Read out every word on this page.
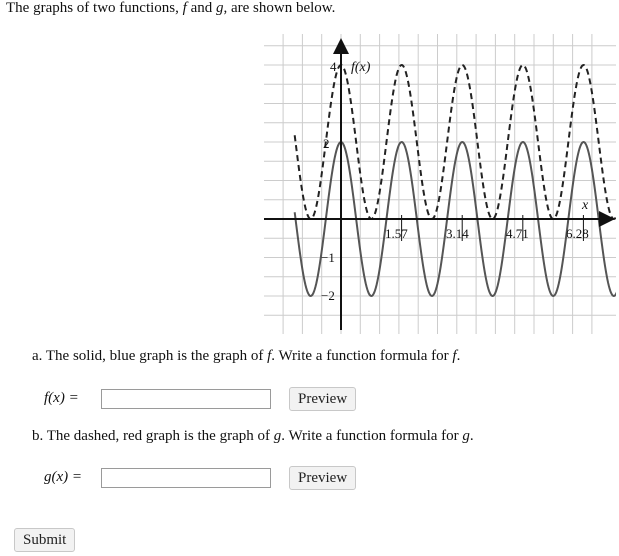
The graphs of two functions, f and g, are shown below.
f(x)
x
1.57	3.14	4.71	6.28
4
2
−1
−2
a. The solid, blue graph is the graph of f. Write a function formula for f.
f(x) =	Preview
b. The dashed, red graph is the graph of g. Write a function formula for g.
g(x) =	Preview
Submit
